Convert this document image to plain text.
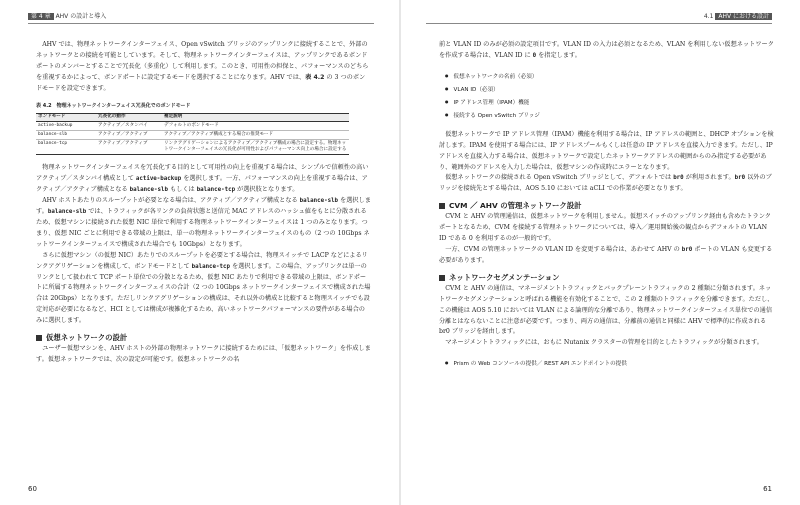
第 4 章 AHV の設計と導入

AHV では、物理ネットワークインターフェイス、Open vSwitch ブリッジのアップリンクに接続することで、外部のネットワークとの接続を可能としています。そして、物理ネットワークインターフェイスは、アップリンクであるボンドポートのメンバーとすることで冗長化（多重化）して利用します。このとき、可用性の担保と、パフォーマンスのどちらを重視するかによって、ボンドポートに設定するモードを選択することになります。AHV では、表 4.2 の 3 つのボンドモードを設定できます。

表 4.2　物理ネットワークインターフェイス冗長化でのボンドモード
ボンドモード	冗長化の動作	補足説明
active-backup	アクティブ／スタンバイ	デフォルトのボンドモード
balance-slb	アクティブ／アクティブ	アクティブ／アクティブ構成とする場合の推奨モード
balance-tcp	アクティブ／アクティブ	リンクアグリゲーションによるアクティブ／アクティブ構成の場合に設定する。物理ネットワークインターフェイスの冗長化が可用性およびパフォーマンス向上の場合に設定する

物理ネットワークインターフェイスを冗長化する目的として可用性の向上を重視する場合は、シンプルで信頼性の高いアクティブ／スタンバイ構成として active-backup を選択します。一方、パフォーマンスの向上を重視する場合は、アクティブ／アクティブ構成となる balance-slb もしくは balance-tcp が選択肢となります。

AHV ホストあたりのスループットが必要となる場合は、アクティブ／アクティブ構成となる balance-slb を選択します。balance-slb では、トラフィックが各リンクの負荷状態と送信元 MAC アドレスのハッシュ値をもとに分散されるため、仮想マシンに接続された仮想 NIC 単位で利用する物理ネットワークインターフェイスは 1 つのみとなります。つまり、仮想 NIC ごとに利用できる帯域の上限は、単一の物理ネットワークインターフェイスのもの（2 つの 10Gbps ネットワークインターフェイスで構成された場合でも 10Gbps）となります。

さらに仮想マシン（の仮想 NIC）あたりでのスループットを必要とする場合は、物理スイッチで LACP などによるリンクアグリゲーションを構成して、ボンドモードとして balance-tcp を選択します。この場合、アップリンクは単一のリンクとして扱われて TCP ポート単位での分散となるため、仮想 NIC あたりで利用できる帯域の上限は、ボンドポートに所属する物理ネットワークインターフェイスの合計（2 つの 10Gbps ネットワークインターフェイスで構成された場合は 20Gbps）となります。ただしリンクアグリゲーションの構成は、それ以外の構成と比較すると物理スイッチでも設定対応が必要になるなど、HCI としては構成が複雑化するため、高いネットワークパフォーマンスの要件がある場合のみに選択します。

仮想ネットワークの設計

ユーザー仮想マシンを、AHV ホストの外部の物理ネットワークに接続するためには、「仮想ネットワーク」を作成します。仮想ネットワークでは、次の設定が可能です。仮想ネットワークの名

60
4.1 AHV における設計

前と VLAN ID のみが必須の設定項目です。VLAN ID の入力は必須となるため、VLAN を利用しない仮想ネットワークを作成する場合は、VLAN ID に 0 を指定します。

● 仮想ネットワークの名前（必須）
● VLAN ID（必須）
● IP アドレス管理（IPAM）機能
● 接続する Open vSwitch ブリッジ

仮想ネットワークで IP アドレス管理（IPAM）機能を利用する場合は、IP アドレスの範囲と、DHCP オプションを検討します。IPAM を使用する場合には、IP アドレスプールもくしは任意の IP アドレスを直接入力できます。ただし、IP アドレスを直接入力する場合は、仮想ネットワークで設定したネットワークアドレスの範囲からのみ指定する必要があり、範囲外のアドレスを入力した場合は、仮想マシンの作成時にエラーとなります。

仮想ネットワークの接続される Open vSwitch ブリッジとして、デフォルトでは br0 が利用されます。br0 以外のブリッジを接続先とする場合は、AOS 5.10 においては aCLI での作業が必要となります。

CVM ／ AHV の管理ネットワーク設計

CVM と AHV の管理通信は、仮想ネットワークを利用しません。仮想スイッチのアップリンク経由も含めたトランクポートとなるため、CVM を接続する管理ネットワークについては、導入／運用開始後の観点からデフォルトの VLAN ID である 0 を利用するのが一般的です。

一方、CVM の管理ネットワークの VLAN ID を変更する場合は、あわせて AHV の br0 ポートの VLAN も変更する必要があります。

ネットワークセグメンテーション

CVM と AHV の通信は、マネージメントトラフィックとバックプレーントラフィックの 2 種類に分類されます。ネットワークセグメンテーションと呼ばれる機能を有効化することで、この 2 種類のトラフィックを分離できます。ただし、この機能は AOS 5.10 においては VLAN による論理的な分離であり、物理ネットワークインターフェイス単位での通信分離とはならないことに注意が必要です。つまり、両方の通信は、分離前の通信と同様に AHV で標準的に作成される br0 ブリッジを経由します。

マネージメントトラフィックには、おもに Nutanix クラスターの管理を目的としたトラフィックが分類されます。

● Prism の Web コンソールの提供／ REST API エンドポイントの提供
61
